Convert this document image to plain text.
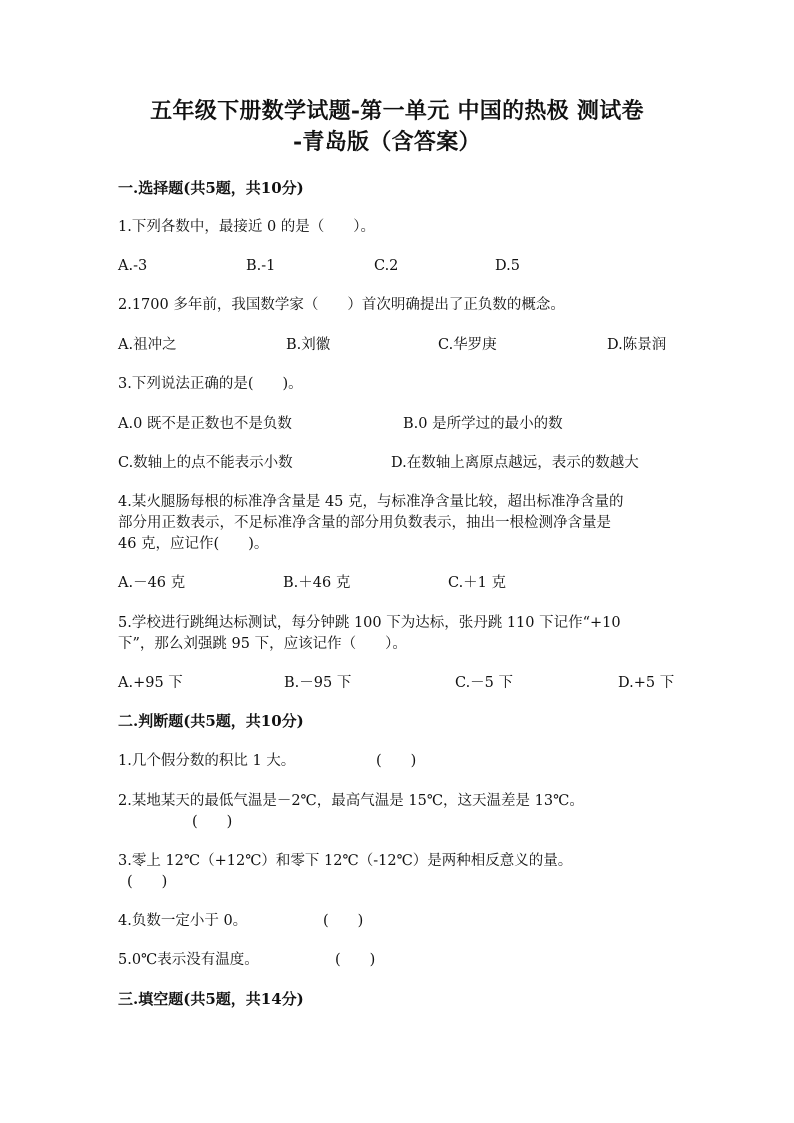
五年级下册数学试题-第一单元 中国的热极 测试卷
-青岛版（含答案）
一.选择题(共5题，共10分)
1.下列各数中，最接近 0 的是（　　）。
A.-3	B.-1	C.2	D.5
2.1700 多年前，我国数学家（　　）首次明确提出了正负数的概念。
A.祖冲之	B.刘徽	C.华罗庚	D.陈景润
3.下列说法正确的是(　　)。
A.0 既不是正数也不是负数	B.0 是所学过的最小的数
C.数轴上的点不能表示小数	D.在数轴上离原点越远，表示的数越大
4.某火腿肠每根的标准净含量是 45 克，与标准净含量比较，超出标准净含量的
部分用正数表示，不足标准净含量的部分用负数表示，抽出一根检测净含量是
46 克，应记作(　　)。
A.－46 克	B.＋46 克	C.＋1 克
5.学校进行跳绳达标测试，每分钟跳 100 下为达标，张丹跳 110 下记作“+10
下”，那么刘强跳 95 下，应该记作（　　）。
A.+95 下	B.－95 下	C.－5 下	D.+5 下
二.判断题(共5题，共10分)
1.几个假分数的积比 1 大。	(　　)
2.某地某天的最低气温是－2℃，最高气温是 15℃，这天温差是 13℃。
(　　)
3.零上 12℃（+12℃）和零下 12℃（-12℃）是两种相反意义的量。
(　　)
4.负数一定小于 0。	(　　)
5.0℃表示没有温度。	(　　)
三.填空题(共5题，共14分)
